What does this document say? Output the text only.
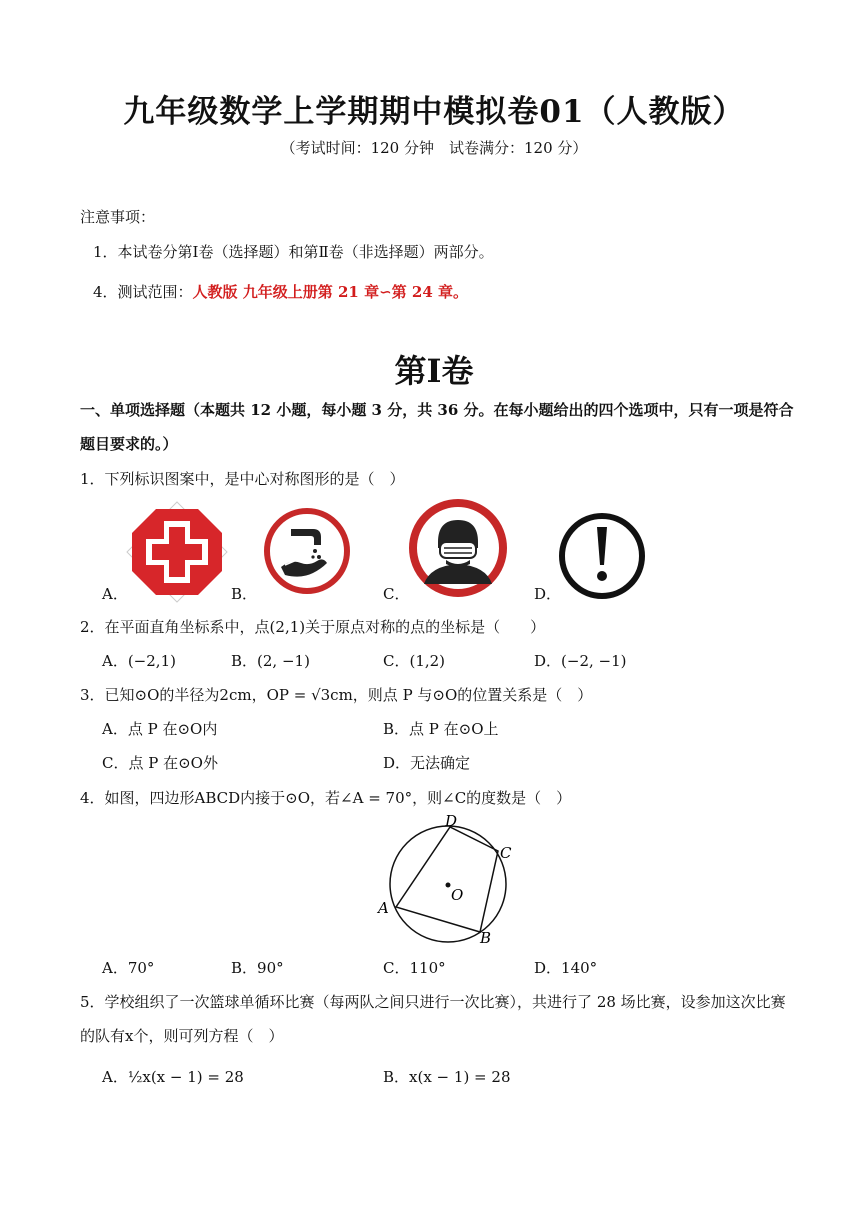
九年级数学上学期期中模拟卷01（人教版）
（考试时间：120 分钟　试卷满分：120 分）
注意事项：
1．本试卷分第Ⅰ卷（选择题）和第Ⅱ卷（非选择题）两部分。
4．测试范围：人教版 九年级上册第 21 章∽第 24 章。
第Ⅰ卷
一、单项选择题（本题共 12 小题，每小题 3 分，共 36 分。在每小题给出的四个选项中，只有一项是符合
题目要求的。）
1．下列标识图案中，是中心对称图形的是（　）
A．	B．	C．	D．
2．在平面直角坐标系中，点(2,1)关于原点对称的点的坐标是（　　）
A．(−2,1)	B．(2, −1)	C．(1,2)	D．(−2, −1)
3．已知⊙O的半径为2cm，OP = √3cm，则点 P 与⊙O的位置关系是（　）
A．点 P 在⊙O内	B．点 P 在⊙O上
C．点 P 在⊙O外	D．无法确定
4．如图，四边形ABCD内接于⊙O，若∠A = 70°，则∠C的度数是（　）
A
B
C
D
O
A．70°	B．90°	C．110°	D．140°
5．学校组织了一次篮球单循环比赛（每两队之间只进行一次比赛），共进行了 28 场比赛，设参加这次比赛
的队有x个，则可列方程（　）
A．½x(x − 1) = 28	B．x(x − 1) = 28
